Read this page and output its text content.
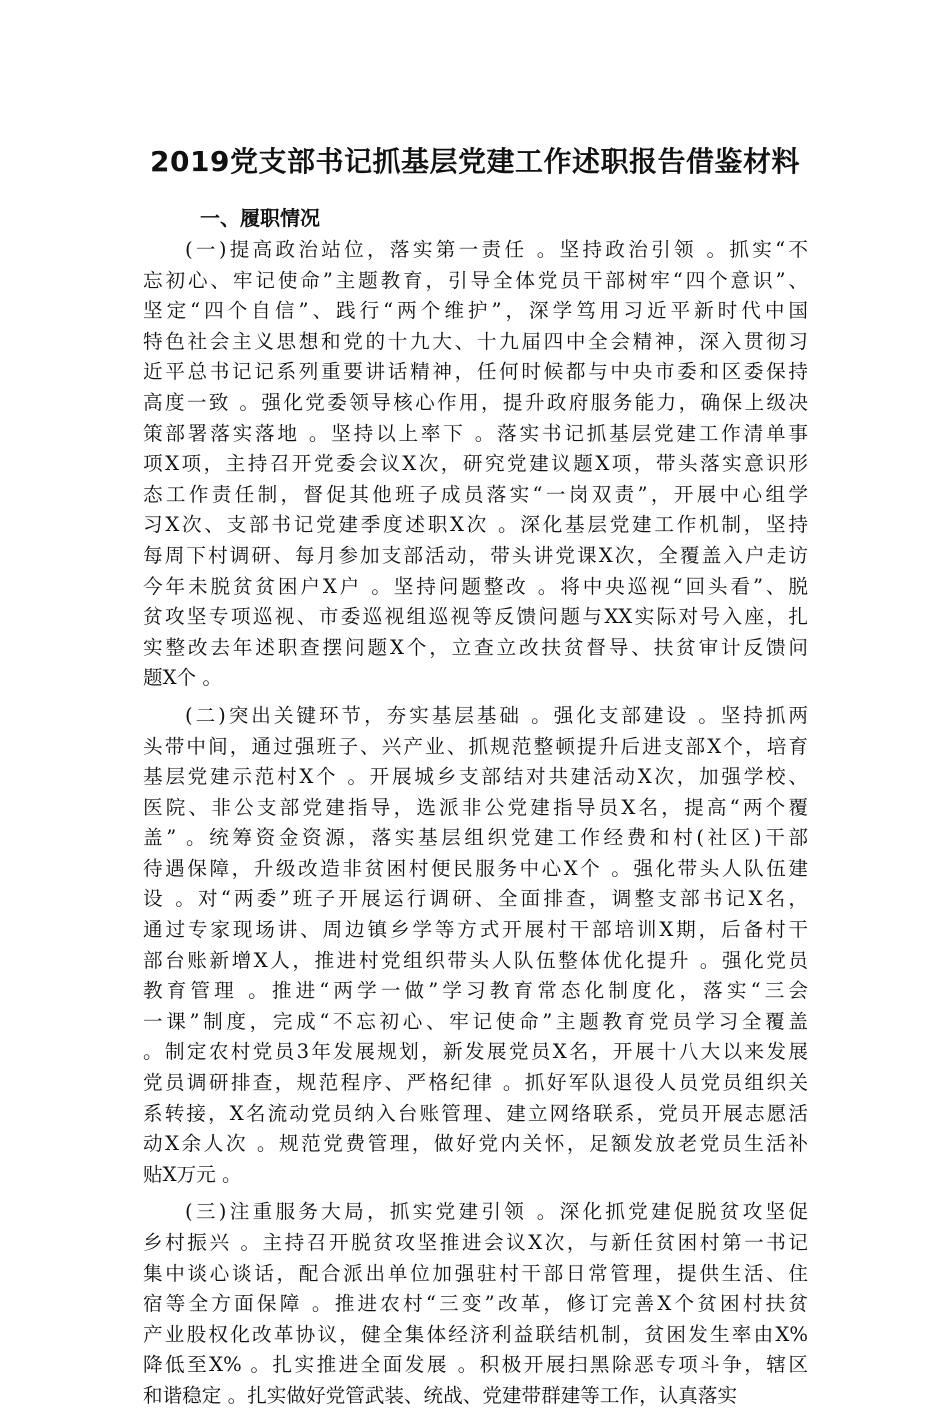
2019党支部书记抓基层党建工作述职报告借鉴材料
一、履职情况
(一)提高政治站位，落实第一责任 。坚持政治引领 。抓实“不
忘初心、牢记使命”主题教育，引导全体党员干部树牢“四个意识”、
坚定“四个自信”、践行“两个维护”，深学笃用习近平新时代中国
特色社会主义思想和党的十九大、十九届四中全会精神，深入贯彻习
近平总书记记系列重要讲话精神，任何时候都与中央市委和区委保持
高度一致 。强化党委领导核心作用，提升政府服务能力，确保上级决
策部署落实落地 。坚持以上率下 。落实书记抓基层党建工作清单事
项X项，主持召开党委会议X次，研究党建议题X项，带头落实意识形
态工作责任制，督促其他班子成员落实“一岗双责”，开展中心组学
习X次、支部书记党建季度述职X次 。深化基层党建工作机制，坚持
每周下村调研、每月参加支部活动，带头讲党课X次，全覆盖入户走访
今年未脱贫贫困户X户 。坚持问题整改 。将中央巡视“回头看”、脱
贫攻坚专项巡视、市委巡视组巡视等反馈问题与XX实际对号入座，扎
实整改去年述职查摆问题X个，立查立改扶贫督导、扶贫审计反馈问
题X个 。
(二)突出关键环节，夯实基层基础 。强化支部建设 。坚持抓两
头带中间，通过强班子、兴产业、抓规范整顿提升后进支部X个，培育
基层党建示范村X个 。开展城乡支部结对共建活动X次，加强学校、
医院、非公支部党建指导，选派非公党建指导员X名，提高“两个覆
盖” 。统筹资金资源，落实基层组织党建工作经费和村(社区)干部
待遇保障，升级改造非贫困村便民服务中心X个 。强化带头人队伍建
设 。对“两委”班子开展运行调研、全面排查，调整支部书记X名，
通过专家现场讲、周边镇乡学等方式开展村干部培训X期，后备村干
部台账新增X人，推进村党组织带头人队伍整体优化提升 。强化党员
教育管理 。推进“两学一做”学习教育常态化制度化，落实“三会
一课”制度，完成“不忘初心、牢记使命”主题教育党员学习全覆盖
。制定农村党员3年发展规划，新发展党员X名，开展十八大以来发展
党员调研排查，规范程序、严格纪律 。抓好军队退役人员党员组织关
系转接，X名流动党员纳入台账管理、建立网络联系，党员开展志愿活
动X余人次 。规范党费管理，做好党内关怀，足额发放老党员生活补
贴X万元 。
(三)注重服务大局，抓实党建引领 。深化抓党建促脱贫攻坚促
乡村振兴 。主持召开脱贫攻坚推进会议X次，与新任贫困村第一书记
集中谈心谈话，配合派出单位加强驻村干部日常管理，提供生活、住
宿等全方面保障 。推进农村“三变”改革，修订完善X个贫困村扶贫
产业股权化改革协议，健全集体经济利益联结机制，贫困发生率由X%
降低至X% 。扎实推进全面发展 。积极开展扫黑除恶专项斗争，辖区
和谐稳定 。扎实做好党管武装、统战、党建带群建等工作，认真落实
